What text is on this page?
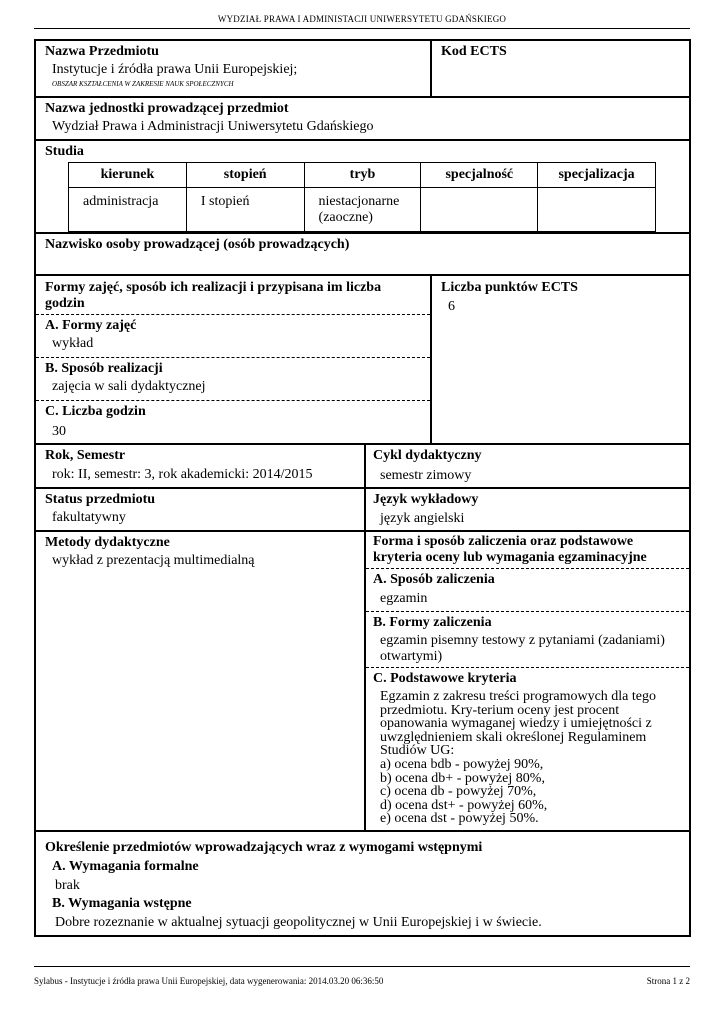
WYDZIAŁ PRAWA I ADMINISTACJI UNIWERSYTETU GDAŃSKIEGO
Nazwa Przedmiotu
Instytucje i źródła prawa Unii Europejskiej;
OBSZAR KSZTAŁCENIA W ZAKRESIE NAUK SPOŁECZNYCH
Kod ECTS
Nazwa jednostki prowadzącej przedmiot
Wydział Prawa i Administracji Uniwersytetu Gdańskiego
Studia
kierunek	stopień	tryb	specjalność	specjalizacja
administracja	I stopień	niestacjonarne (zaoczne)		
Nazwisko osoby prowadzącej (osób prowadzących)
Formy zajęć, sposób ich realizacji i przypisana im liczba godzin
A. Formy zajęć
wykład
B. Sposób realizacji
zajęcia w sali dydaktycznej
C. Liczba godzin
30
Liczba punktów ECTS
6
Rok, Semestr
rok: II, semestr: 3, rok akademicki: 2014/2015
Cykl dydaktyczny
semestr zimowy
Status przedmiotu
fakultatywny
Język wykładowy
język angielski
Metody dydaktyczne
wykład z prezentacją multimedialną
Forma i sposób zaliczenia oraz podstawowe kryteria oceny lub wymagania egzaminacyjne
A. Sposób zaliczenia
egzamin
B. Formy zaliczenia
egzamin pisemny testowy z pytaniami (zadaniami) otwartymi)
C. Podstawowe kryteria
Egzamin z zakresu treści programowych dla tego
przedmiotu. Kry-terium oceny jest procent
opanowania wymaganej wiedzy i umiejętności z
uwzględnieniem skali określonej Regulaminem
Studiów UG:
a) ocena bdb - powyżej 90%,
b) ocena db+ - powyżej 80%,
c) ocena db - powyżej 70%,
d) ocena dst+ - powyżej 60%,
e) ocena dst - powyżej 50%.
Określenie przedmiotów wprowadzających wraz z wymogami wstępnymi
A. Wymagania formalne
brak
B. Wymagania wstępne
Dobre rozeznanie w aktualnej sytuacji geopolitycznej w Unii Europejskiej i w świecie.
Sylabus - Instytucje i źródła prawa Unii Europejskiej, data wygenerowania: 2014.03.20 06:36:50	Strona 1 z 2
